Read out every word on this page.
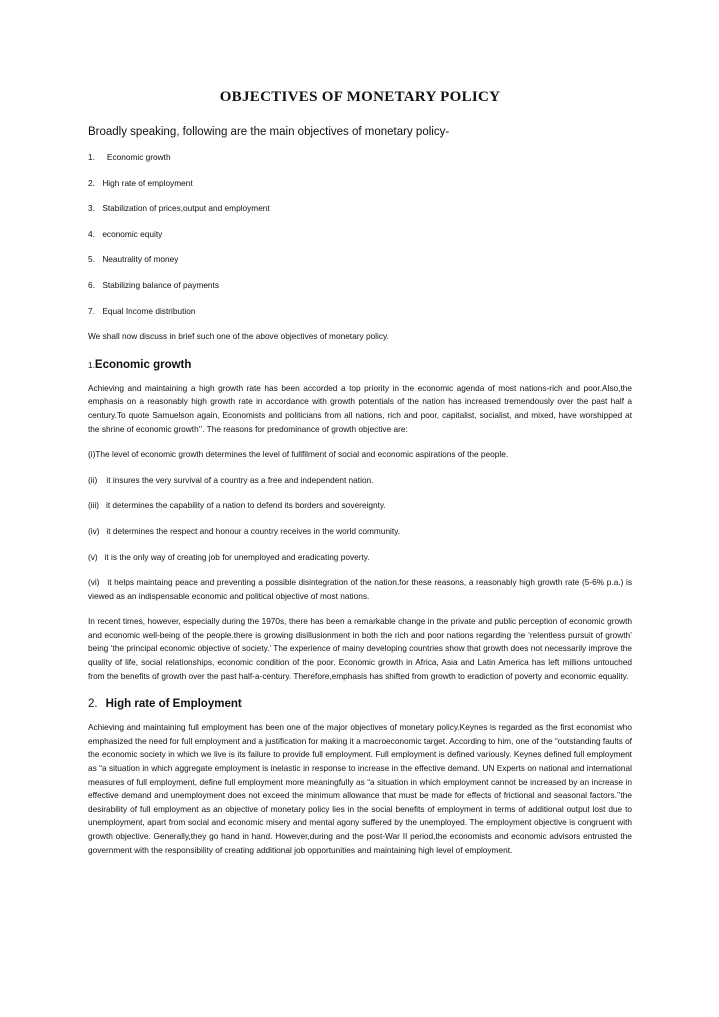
OBJECTIVES OF MONETARY POLICY
Broadly speaking, following are the main objectives of monetary policy-
1. Economic growth
2. High rate of employment
3. Stabilization of prices,output and employment
4. economic equity
5. Neautrality of money
6. Stabilizing balance of payments
7. Equal Income distribution
We shall now discuss in brief such one of the above objectives of monetary policy.
1.Economic growth
Achieving and maintaining a high growth rate has been accorded a top priority in the economic agenda of most nations-rich and poor.Also,the emphasis on a reasonably high growth rate in accordance with growth potentials of the nation has increased tremendously over the past half a century.To quote Samuelson again, Economists and politicians from all nations, rich and poor, capitalist, socialist, and mixed, have worshipped at the shrine of economic growth’’. The reasons for predominance of growth objective are:
(i)The level of economic growth determines the level of fullfilment of social and economic aspirations of the people.
(ii)    it insures the very survival of a country as a free and independent nation.
(iii)   it determines the capability of a nation to defend its borders and sovereignty.
(iv)   it determines the respect and honour a country receives in the world community.
(v)   it is the only way of creating job for unemployed and eradicating poverty.
(vi)   it helps maintaing peace and preventing a possible disintegration of the nation.for these reasons, a reasonably high growth rate (5-6% p.a.) is viewed as an indispensable economic and political objective of most nations.
In recent times, however, especially during the 1970s, there has been a remarkable change in the private and public perception of economic growth and economic well-being of the people.there is growing disillusionment in both the rich and poor nations regarding the ‘relentless pursuit of growth’ being ‘the principal economic objective of society.’ The experience of mainy developing countries show that growth does not necessarily improve the quality of life, social relationships, economic condition of the poor. Economic growth in Africa, Asia and Latin America has left millions untouched from the benefits of growth over the past half-a-century. Therefore,emphasis has shifted from growth to eradiction of poverty and economic equality.
2. High rate of Employment
Achieving and maintaining full employment has been one of the major objectives of monetary policy.Keynes is regarded as the first economist who emphasized the need for full employment and a justification for making it a macroeconomic target. According to him, one of the “outstanding faults of the economic society in which we live is its failure to provide full employment. Full employment is defined variously. Keynes defined full employment as “a situation in which aggregate employment is inelastic in response to increase in the effective demand. UN Experts on national and international measures of full employment, define full employment more meaningfully as “a situation in which employment cannot be increased by an increase in effective demand and unemployment does not exceed the minimum allowance that must be made for effects of frictional and seasonal factors.’’the desirability of full employment as an objective of monetary policy lies in the social benefits of employment in terms of additional output lost due to unemployment, apart from social and economic misery and mental agony suffered by the unemployed. The employment objective is congruent with growth objective. Generally,they go hand in hand. However,during and the post-War II period,the economists and economic advisors entrusted the government with the responsibility of creating additional job opportunities and maintaining high level of employment.
